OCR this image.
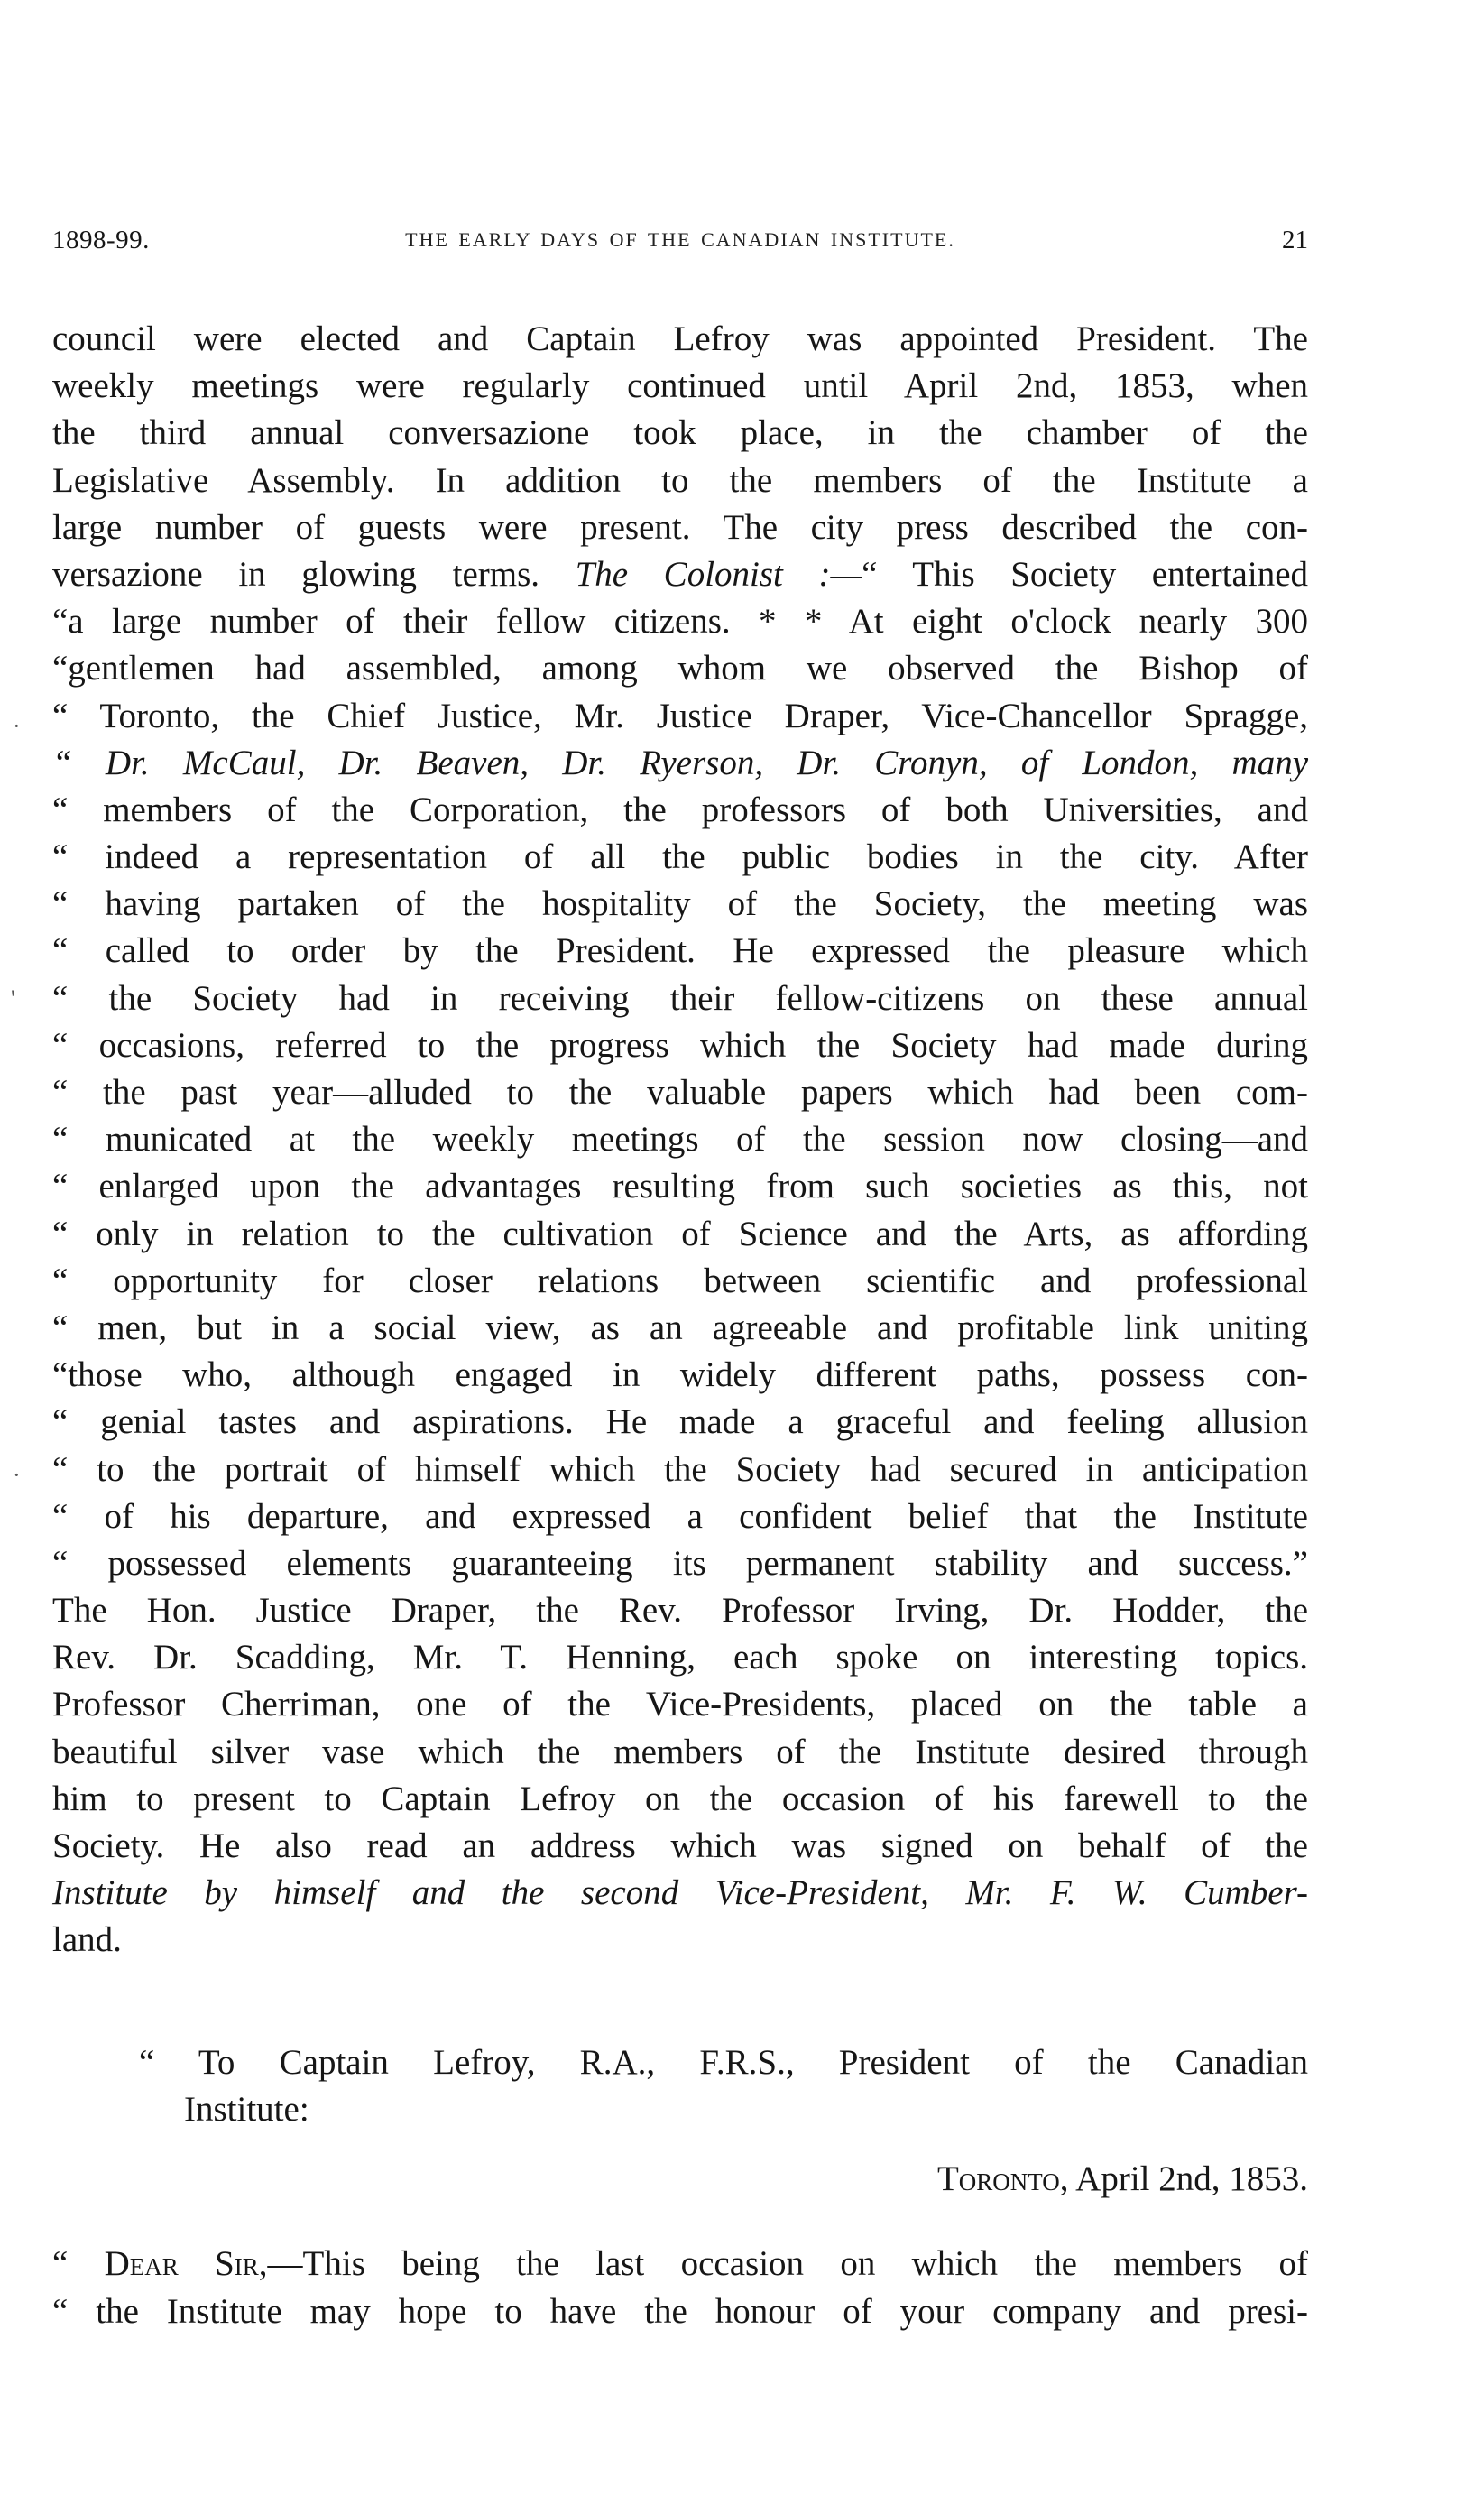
1898-99.	THE EARLY DAYS OF THE CANADIAN INSTITUTE.	21
council were elected and Captain Lefroy was appointed President. The
weekly meetings were regularly continued until April 2nd, 1853, when
the third annual conversazione took place, in the chamber of the
Legislative Assembly. In addition to the members of the Institute a
large number of guests were present. The city press described the con-
versazione in glowing terms. The Colonist :—“ This Society entertained
“a large number of their fellow citizens. * * At eight o'clock nearly 300
“gentlemen had assembled, among whom we observed the Bishop of
“ Toronto, the Chief Justice, Mr. Justice Draper, Vice-Chancellor Spragge,
“ Dr. McCaul, Dr. Beaven, Dr. Ryerson, Dr. Cronyn, of London, many
“ members of the Corporation, the professors of both Universities, and
“ indeed a representation of all the public bodies in the city. After
“ having partaken of the hospitality of the Society, the meeting was
“ called to order by the President. He expressed the pleasure which
“ the Society had in receiving their fellow-citizens on these annual
“ occasions, referred to the progress which the Society had made during
“ the past year—alluded to the valuable papers which had been com-
“ municated at the weekly meetings of the session now closing—and
“ enlarged upon the advantages resulting from such societies as this, not
“ only in relation to the cultivation of Science and the Arts, as affording
“ opportunity for closer relations between scientific and professional
“ men, but in a social view, as an agreeable and profitable link uniting
“those who, although engaged in widely different paths, possess con-
“ genial tastes and aspirations. He made a graceful and feeling allusion
“ to the portrait of himself which the Society had secured in anticipation
“ of his departure, and expressed a confident belief that the Institute
“ possessed elements guaranteeing its permanent stability and success.”
The Hon. Justice Draper, the Rev. Professor Irving, Dr. Hodder, the
Rev. Dr. Scadding, Mr. T. Henning, each spoke on interesting topics.
Professor Cherriman, one of the Vice-Presidents, placed on the table a
beautiful silver vase which the members of the Institute desired through
him to present to Captain Lefroy on the occasion of his farewell to the
Society. He also read an address which was signed on behalf of the
Institute by himself and the second Vice-President, Mr. F. W. Cumber-
land.
“ To Captain Lefroy, R.A., F.R.S., President of the Canadian
Institute:
Toronto, April 2nd, 1853.
“ Dear Sir,—This being the last occasion on which the members of
“ the Institute may hope to have the honour of your company and presi-
·
'
·
